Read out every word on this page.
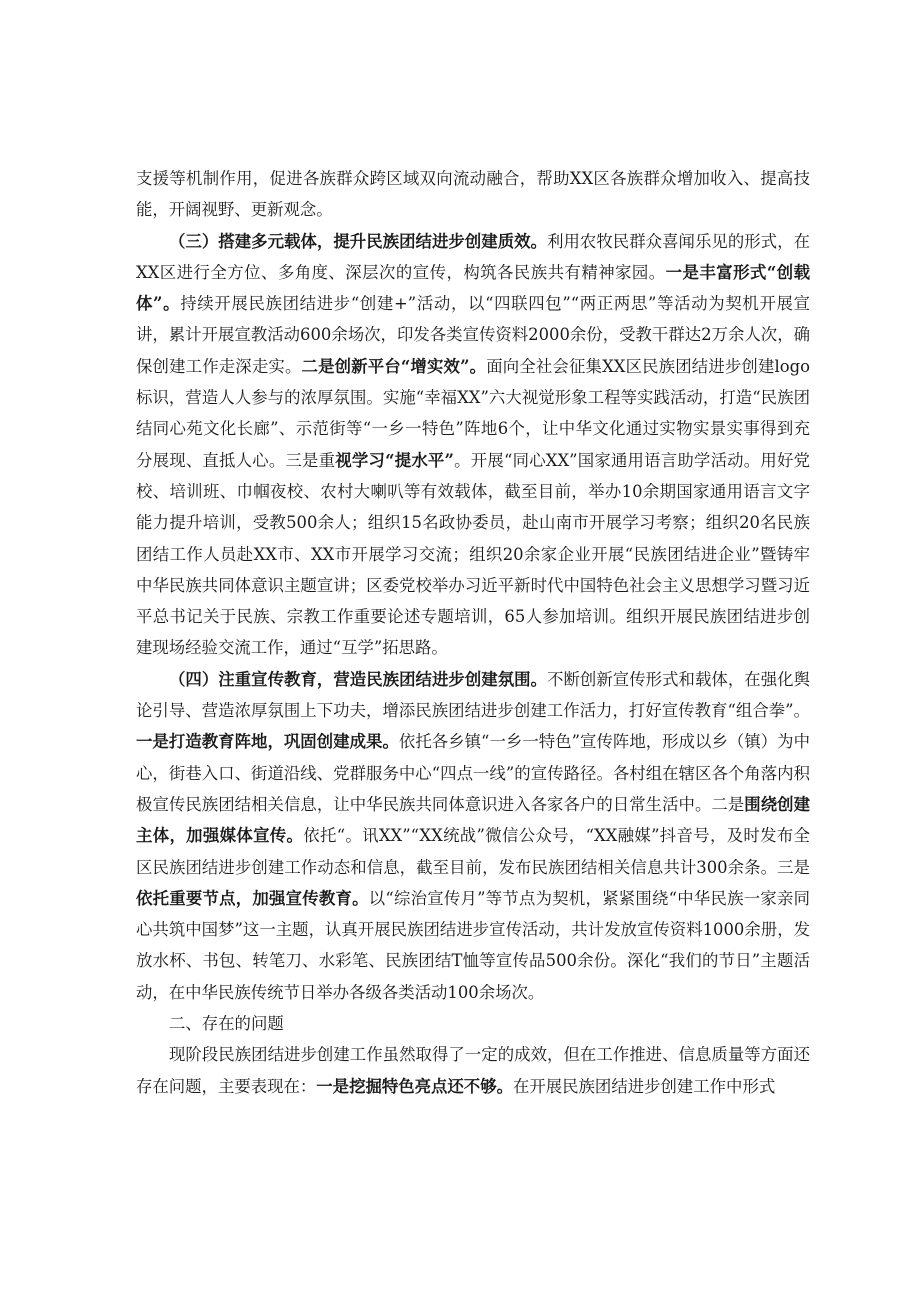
支援等机制作用，促进各族群众跨区域双向流动融合，帮助XX区各族群众增加收入、提高技能，开阔视野、更新观念。

（三）搭建多元载体，提升民族团结进步创建质效。利用农牧民群众喜闻乐见的形式，在XX区进行全方位、多角度、深层次的宣传，构筑各民族共有精神家园。一是丰富形式“创载体”。持续开展民族团结进步“创建+”活动，以“四联四包”“两正两思”等活动为契机开展宣讲，累计开展宣教活动600余场次，印发各类宣传资料2000余份，受教干群达2万余人次，确保创建工作走深走实。二是创新平台“增实效”。面向全社会征集XX区民族团结进步创建logo标识，营造人人参与的浓厚氛围。实施“幸福XX”六大视觉形象工程等实践活动，打造“民族团结同心苑文化长廊”、示范街等“一乡一特色”阵地6个，让中华文化通过实物实景实事得到充分展现、直抵人心。三是重视学习“提水平”。开展“同心XX”国家通用语言助学活动。用好党校、培训班、巾帼夜校、农村大喇叭等有效载体，截至目前，举办10余期国家通用语言文字能力提升培训，受教500余人；组织15名政协委员，赴山南市开展学习考察；组织20名民族团结工作人员赴XX市、XX市开展学习交流；组织20余家企业开展“民族团结进企业”暨铸牢中华民族共同体意识主题宣讲；区委党校举办习近平新时代中国特色社会主义思想学习暨习近平总书记关于民族、宗教工作重要论述专题培训，65人参加培训。组织开展民族团结进步创建现场经验交流工作，通过“互学”拓思路。

（四）注重宣传教育，营造民族团结进步创建氛围。不断创新宣传形式和载体，在强化舆论引导、营造浓厚氛围上下功夫，增添民族团结进步创建工作活力，打好宣传教育“组合拳”。一是打造教育阵地，巩固创建成果。依托各乡镇“一乡一特色”宣传阵地，形成以乡（镇）为中心，街巷入口、街道沿线、党群服务中心“四点一线”的宣传路径。各村组在辖区各个角落内积极宣传民族团结相关信息，让中华民族共同体意识进入各家各户的日常生活中。二是围绕创建主体，加强媒体宣传。依托“。讯XX”“XX统战”微信公众号，“XX融媒”抖音号，及时发布全区民族团结进步创建工作动态和信息，截至目前，发布民族团结相关信息共计300余条。三是依托重要节点，加强宣传教育。以“综治宣传月”等节点为契机，紧紧围绕“中华民族一家亲同心共筑中国梦”这一主题，认真开展民族团结进步宣传活动，共计发放宣传资料1000余册，发放水杯、书包、转笔刀、水彩笔、民族团结T恤等宣传品500余份。深化“我们的节日”主题活动，在中华民族传统节日举办各级各类活动100余场次。

二、存在的问题

现阶段民族团结进步创建工作虽然取得了一定的成效，但在工作推进、信息质量等方面还存在问题，主要表现在：一是挖掘特色亮点还不够。在开展民族团结进步创建工作中形式
